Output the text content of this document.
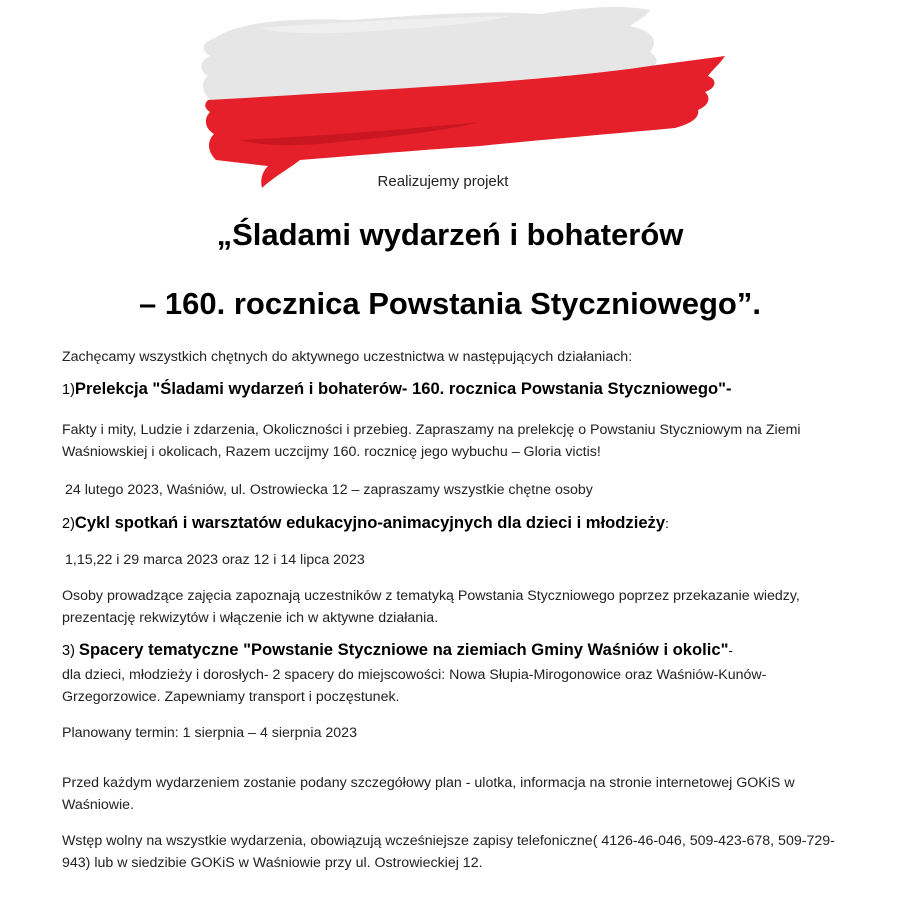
Realizujemy projekt
„Śladami wydarzeń i bohaterów
– 160. rocznica Powstania Styczniowego”.

Zachęcamy wszystkich chętnych do aktywnego uczestnictwa w następujących działaniach:

1)Prelekcja "Śladami wydarzeń i bohaterów- 160. rocznica Powstania Styczniowego"-

Fakty i mity, Ludzie i zdarzenia, Okoliczności i przebieg. Zapraszamy na prelekcję o Powstaniu Styczniowym na Ziemi Waśniowskiej i okolicach, Razem uczcijmy 160. rocznicę jego wybuchu – Gloria victis!

24 lutego 2023, Waśniów, ul. Ostrowiecka 12 – zapraszamy wszystkie chętne osoby

2)Cykl spotkań i warsztatów edukacyjno-animacyjnych dla dzieci i młodzieży:

1,15,22 i 29 marca 2023 oraz 12 i 14 lipca 2023

Osoby prowadzące zajęcia zapoznają uczestników z tematyką Powstania Styczniowego poprzez przekazanie wiedzy, prezentację rekwizytów i włączenie ich w aktywne działania.

3) Spacery tematyczne "Powstanie Styczniowe na ziemiach Gminy Waśniów i okolic"-

dla dzieci, młodzieży i dorosłych- 2 spacery do miejscowości: Nowa Słupia-Mirogonowice oraz Waśniów-Kunów-Grzegorzowice. Zapewniamy transport i poczęstunek.

Planowany termin: 1 sierpnia – 4 sierpnia 2023

Przed każdym wydarzeniem zostanie podany szczegółowy plan - ulotka, informacja na stronie internetowej GOKiS w Waśniowie.

Wstęp wolny na wszystkie wydarzenia, obowiązują wcześniejsze zapisy telefoniczne( 4126-46-046, 509-423-678, 509-729-943) lub w siedzibie GOKiS w Waśniowie przy ul. Ostrowieckiej 12.
